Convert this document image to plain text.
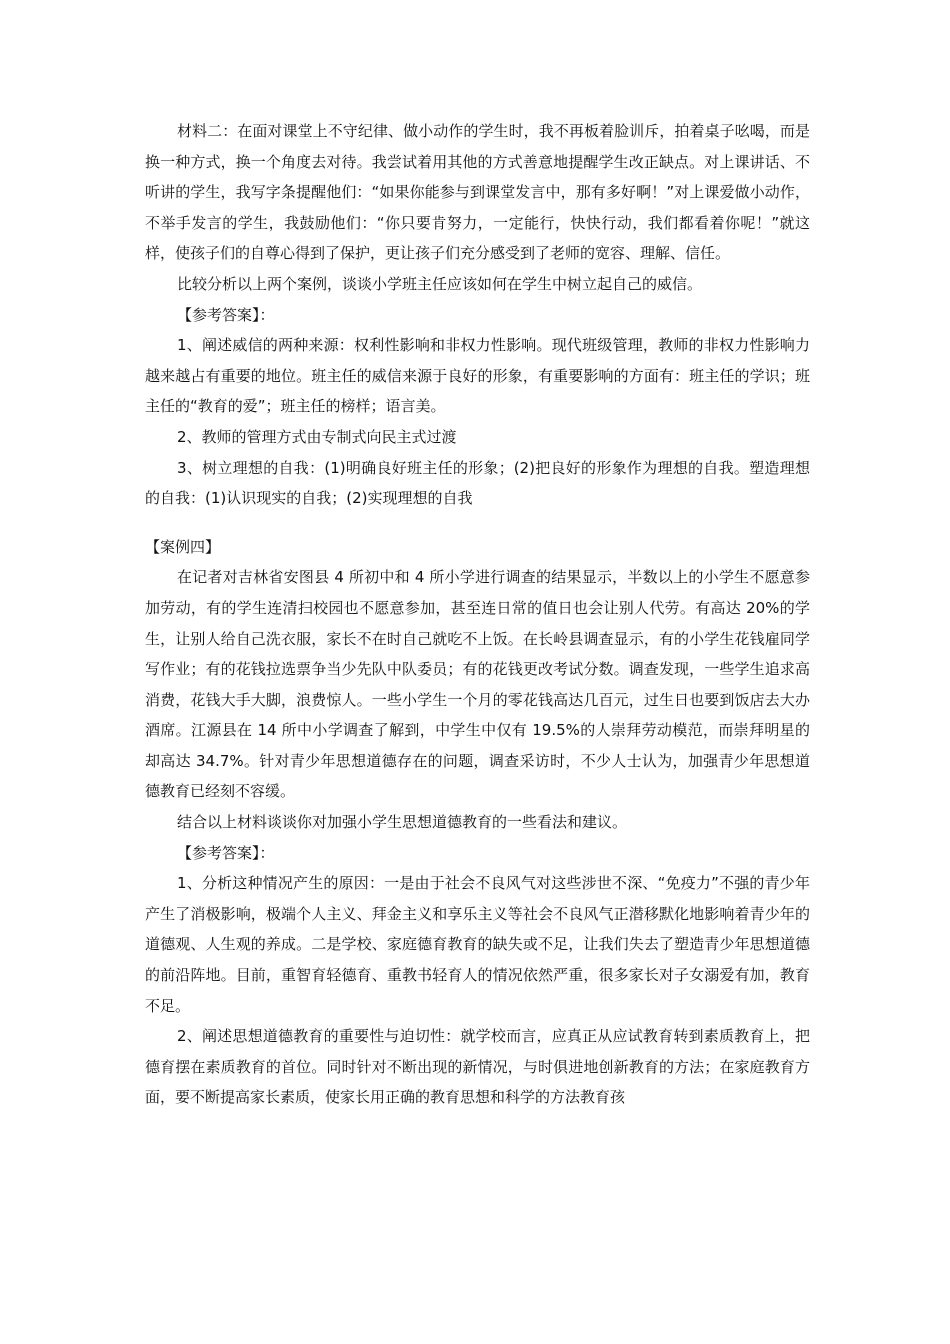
材料二：在面对课堂上不守纪律、做小动作的学生时，我不再板着脸训斥，拍着桌子吆喝，而是换一种方式，换一个角度去对待。我尝试着用其他的方式善意地提醒学生改正缺点。对上课讲话、不听讲的学生，我写字条提醒他们：“如果你能参与到课堂发言中，那有多好啊！”对上课爱做小动作，不举手发言的学生，我鼓励他们：“你只要肯努力，一定能行，快快行动，我们都看着你呢！”就这样，使孩子们的自尊心得到了保护，更让孩子们充分感受到了老师的宽容、理解、信任。

比较分析以上两个案例，谈谈小学班主任应该如何在学生中树立起自己的威信。

【参考答案】：

1、阐述威信的两种来源：权利性影响和非权力性影响。现代班级管理，教师的非权力性影响力越来越占有重要的地位。班主任的威信来源于良好的形象，有重要影响的方面有：班主任的学识；班主任的“教育的爱”；班主任的榜样；语言美。

2、教师的管理方式由专制式向民主式过渡

3、树立理想的自我：(1)明确良好班主任的形象；(2)把良好的形象作为理想的自我。塑造理想的自我：(1)认识现实的自我；(2)实现理想的自我

【案例四】

在记者对吉林省安图县 4 所初中和 4 所小学进行调查的结果显示，半数以上的小学生不愿意参加劳动，有的学生连清扫校园也不愿意参加，甚至连日常的值日也会让别人代劳。有高达 20%的学生，让别人给自己洗衣服，家长不在时自己就吃不上饭。在长岭县调查显示，有的小学生花钱雇同学写作业；有的花钱拉选票争当少先队中队委员；有的花钱更改考试分数。调查发现，一些学生追求高消费，花钱大手大脚，浪费惊人。一些小学生一个月的零花钱高达几百元，过生日也要到饭店去大办酒席。江源县在 14 所中小学调查了解到，中学生中仅有 19.5%的人崇拜劳动模范，而崇拜明星的却高达 34.7%。针对青少年思想道德存在的问题，调查采访时，不少人士认为，加强青少年思想道德教育已经刻不容缓。

结合以上材料谈谈你对加强小学生思想道德教育的一些看法和建议。

【参考答案】：

1、分析这种情况产生的原因：一是由于社会不良风气对这些涉世不深、“免疫力”不强的青少年产生了消极影响，极端个人主义、拜金主义和享乐主义等社会不良风气正潜移默化地影响着青少年的道德观、人生观的养成。二是学校、家庭德育教育的缺失或不足，让我们失去了塑造青少年思想道德的前沿阵地。目前，重智育轻德育、重教书轻育人的情况依然严重，很多家长对子女溺爱有加，教育不足。

2、阐述思想道德教育的重要性与迫切性：就学校而言，应真正从应试教育转到素质教育上，把德育摆在素质教育的首位。同时针对不断出现的新情况，与时俱进地创新教育的方法；在家庭教育方面，要不断提高家长素质，使家长用正确的教育思想和科学的方法教育孩
